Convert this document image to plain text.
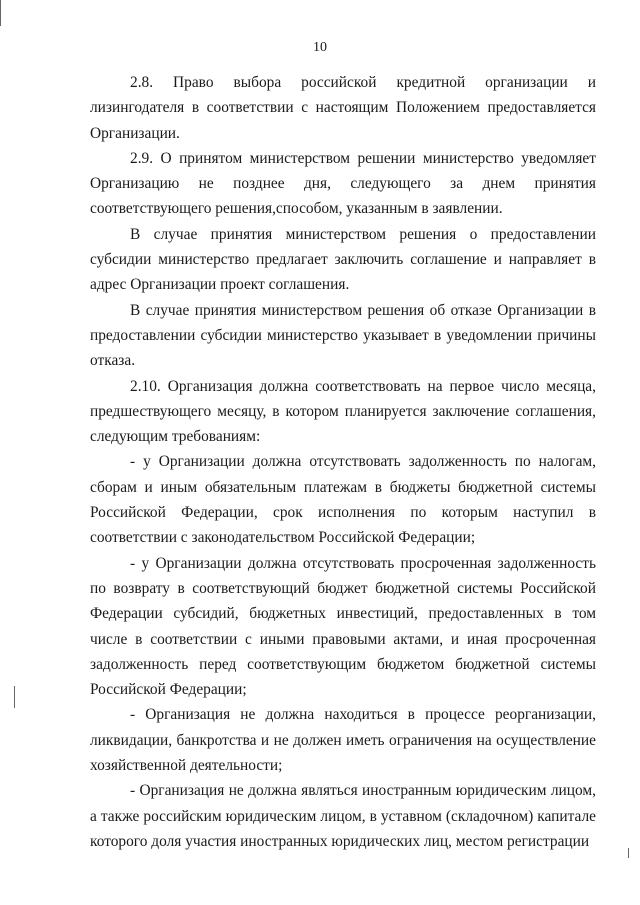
10

2.8. Право выбора российской кредитной организации и лизингодателя в соответствии с настоящим Положением предоставляется Организации.

2.9. О принятом министерством решении министерство уведомляет Организацию не позднее дня, следующего за днем принятия соответствующего решения,способом, указанным в заявлении.

В случае принятия министерством решения о предоставлении субсидии министерство предлагает заключить соглашение и направляет в адрес Организации проект соглашения.

В случае принятия министерством решения об отказе Организации в предоставлении субсидии министерство указывает в уведомлении причины отказа.

2.10. Организация должна соответствовать на первое число месяца, предшествующего месяцу, в котором планируется заключение соглашения, следующим требованиям:

- у Организации должна отсутствовать задолженность по налогам, сборам и иным обязательным платежам в бюджеты бюджетной системы Российской Федерации, срок исполнения по которым наступил в соответствии с законодательством Российской Федерации;

- у Организации должна отсутствовать просроченная задолженность по возврату в соответствующий бюджет бюджетной системы Российской Федерации субсидий, бюджетных инвестиций, предоставленных в том числе в соответствии с иными правовыми актами, и иная просроченная задолженность перед соответствующим бюджетом бюджетной системы Российской Федерации;

- Организация не должна находиться в процессе реорганизации, ликвидации, банкротства и не должен иметь ограничения на осуществление хозяйственной деятельности;

- Организация не должна являться иностранным юридическим лицом, а также российским юридическим лицом, в уставном (складочном) капитале которого доля участия иностранных юридических лиц, местом регистрации
